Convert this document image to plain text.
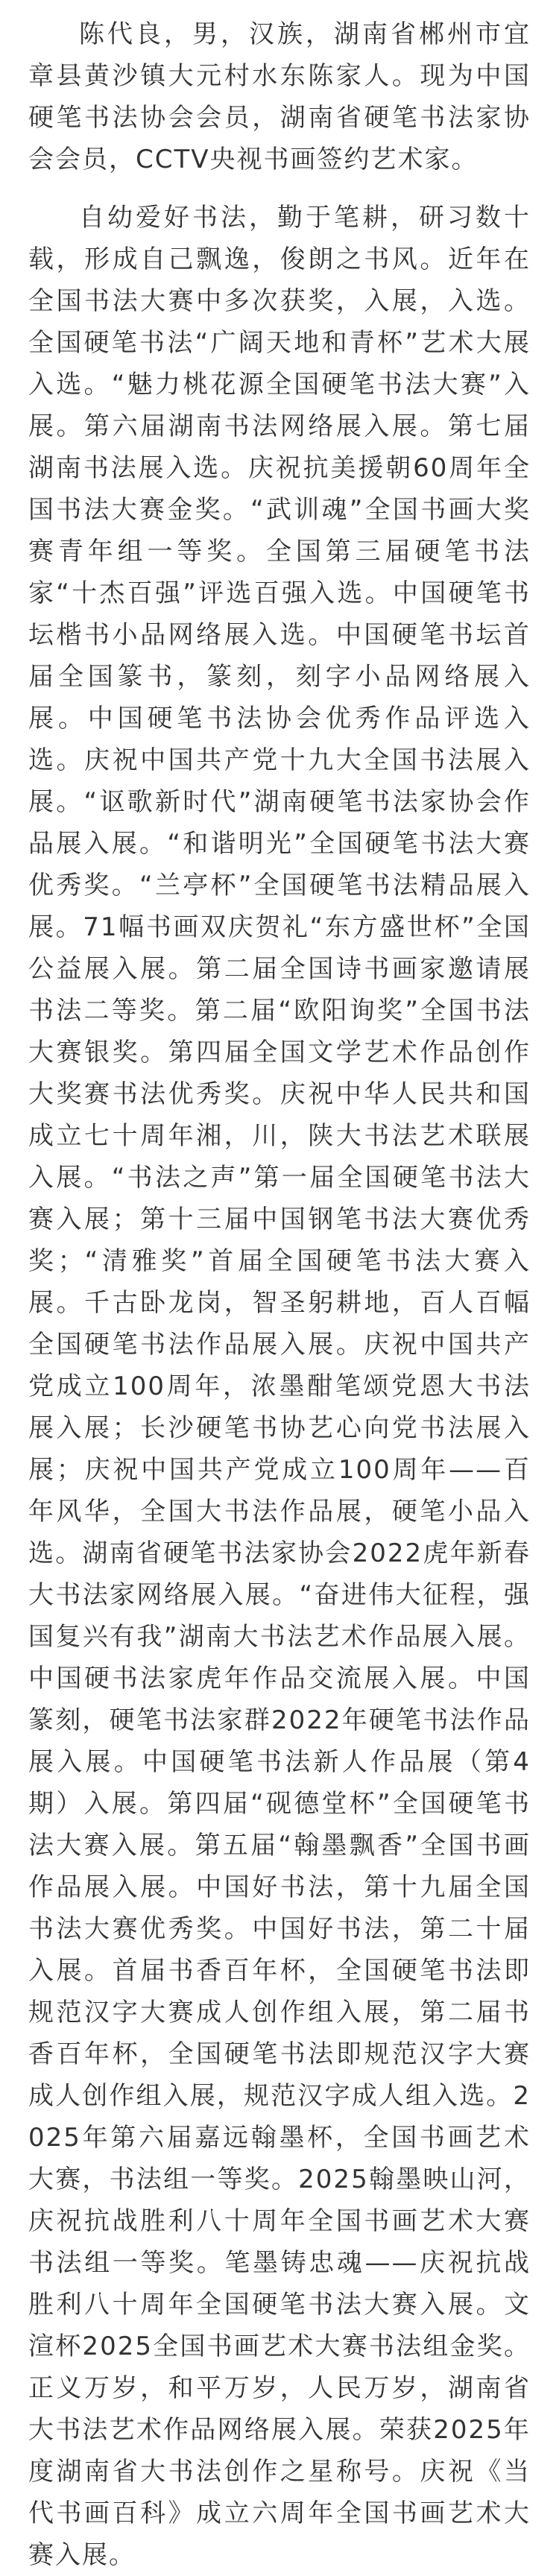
陈代良，男，汉族，湖南省郴州市宜章县黄沙镇大元村水东陈家人。现为中国硬笔书法协会会员，湖南省硬笔书法家协会会员，CCTV央视书画签约艺术家。

自幼爱好书法，勤于笔耕，研习数十载，形成自己飘逸，俊朗之书风。近年在全国书法大赛中多次获奖，入展，入选。全国硬笔书法“广阔天地和青杯”艺术大展入选。“魅力桃花源全国硬笔书法大赛”入展。第六届湖南书法网络展入展。第七届湖南书法展入选。庆祝抗美援朝60周年全国书法大赛金奖。“武训魂”全国书画大奖赛青年组一等奖。全国第三届硬笔书法家“十杰百强”评选百强入选。中国硬笔书坛楷书小品网络展入选。中国硬笔书坛首届全国篆书，篆刻，刻字小品网络展入展。中国硬笔书法协会优秀作品评选入选。庆祝中国共产党十九大全国书法展入展。“讴歌新时代”湖南硬笔书法家协会作品展入展。“和谐明光”全国硬笔书法大赛优秀奖。“兰亭杯”全国硬笔书法精品展入展。71幅书画双庆贺礼“东方盛世杯”全国公益展入展。第二届全国诗书画家邀请展书法二等奖。第二届“欧阳询奖”全国书法大赛银奖。第四届全国文学艺术作品创作大奖赛书法优秀奖。庆祝中华人民共和国成立七十周年湘，川，陕大书法艺术联展入展。“书法之声”第一届全国硬笔书法大赛入展；第十三届中国钢笔书法大赛优秀奖；“清雅奖”首届全国硬笔书法大赛入展。千古卧龙岗，智圣躬耕地，百人百幅全国硬笔书法作品展入展。庆祝中国共产党成立100周年，浓墨酣笔颂党恩大书法展入展；长沙硬笔书协艺心向党书法展入展；庆祝中国共产党成立100周年——百年风华，全国大书法作品展，硬笔小品入选。湖南省硬笔书法家协会2022虎年新春大书法家网络展入展。“奋进伟大征程，强国复兴有我”湖南大书法艺术作品展入展。中国硬书法家虎年作品交流展入展。中国篆刻，硬笔书法家群2022年硬笔书法作品展入展。中国硬笔书法新人作品展（第4期）入展。第四届“砚德堂杯”全国硬笔书法大赛入展。第五届“翰墨飘香”全国书画作品展入展。中国好书法，第十九届全国书法大赛优秀奖。中国好书法，第二十届入展。首届书香百年杯，全国硬笔书法即规范汉字大赛成人创作组入展，第二届书香百年杯，全国硬笔书法即规范汉字大赛成人创作组入展，规范汉字成人组入选。2025年第六届嘉远翰墨杯，全国书画艺术大赛，书法组一等奖。2025翰墨映山河，庆祝抗战胜利八十周年全国书画艺术大赛书法组一等奖。笔墨铸忠魂——庆祝抗战胜利八十周年全国硬笔书法大赛入展。文渲杯2025全国书画艺术大赛书法组金奖。正义万岁，和平万岁，人民万岁，湖南省大书法艺术作品网络展入展。荣获2025年度湖南省大书法创作之星称号。庆祝《当代书画百科》成立六周年全国书画艺术大赛入展。
